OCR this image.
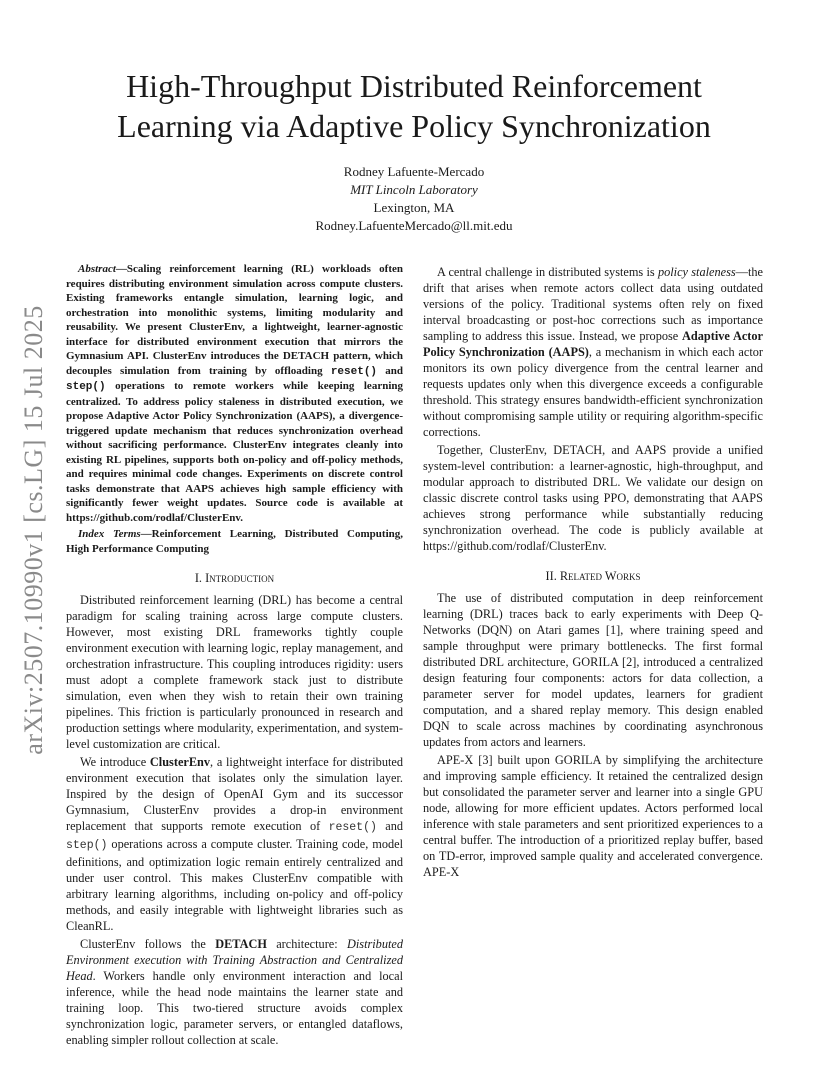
arXiv:2507.10990v1 [cs.LG] 15 Jul 2025
High-Throughput Distributed Reinforcement
Learning via Adaptive Policy Synchronization
Rodney Lafuente-Mercado
MIT Lincoln Laboratory
Lexington, MA
Rodney.LafuenteMercado@ll.mit.edu

Abstract—Scaling reinforcement learning (RL) workloads often requires distributing environment simulation across compute clusters. Existing frameworks entangle simulation, learning logic, and orchestration into monolithic systems, limiting modularity and reusability. We present ClusterEnv, a lightweight, learner-agnostic interface for distributed environment execution that mirrors the Gymnasium API. ClusterEnv introduces the DETACH pattern, which decouples simulation from training by offloading reset() and step() operations to remote workers while keeping learning centralized. To address policy staleness in distributed execution, we propose Adaptive Actor Policy Synchronization (AAPS), a divergence-triggered update mechanism that reduces synchronization overhead without sacrificing performance. ClusterEnv integrates cleanly into existing RL pipelines, supports both on-policy and off-policy methods, and requires minimal code changes. Experiments on discrete control tasks demonstrate that AAPS achieves high sample efficiency with significantly fewer weight updates. Source code is available at https://github.com/rodlaf/ClusterEnv.

Index Terms—Reinforcement Learning, Distributed Computing, High Performance Computing

I. Introduction

Distributed reinforcement learning (DRL) has become a central paradigm for scaling training across large compute clusters. However, most existing DRL frameworks tightly couple environment execution with learning logic, replay management, and orchestration infrastructure. This coupling introduces rigidity: users must adopt a complete framework stack just to distribute simulation, even when they wish to retain their own training pipelines. This friction is particularly pronounced in research and production settings where modularity, experimentation, and system-level customization are critical.

We introduce ClusterEnv, a lightweight interface for distributed environment execution that isolates only the simulation layer. Inspired by the design of OpenAI Gym and its successor Gymnasium, ClusterEnv provides a drop-in environment replacement that supports remote execution of reset() and step() operations across a compute cluster. Training code, model definitions, and optimization logic remain entirely centralized and under user control. This makes ClusterEnv compatible with arbitrary learning algorithms, including on-policy and off-policy methods, and easily integrable with lightweight libraries such as CleanRL.

ClusterEnv follows the DETACH architecture: Distributed Environment execution with Training Abstraction and Centralized Head. Workers handle only environment interaction and local inference, while the head node maintains the learner state and training loop. This two-tiered structure avoids complex synchronization logic, parameter servers, or entangled dataflows, enabling simpler rollout collection at scale.

A central challenge in distributed systems is policy staleness—the drift that arises when remote actors collect data using outdated versions of the policy. Traditional systems often rely on fixed interval broadcasting or post-hoc corrections such as importance sampling to address this issue. Instead, we propose Adaptive Actor Policy Synchronization (AAPS), a mechanism in which each actor monitors its own policy divergence from the central learner and requests updates only when this divergence exceeds a configurable threshold. This strategy ensures bandwidth-efficient synchronization without compromising sample utility or requiring algorithm-specific corrections.

Together, ClusterEnv, DETACH, and AAPS provide a unified system-level contribution: a learner-agnostic, high-throughput, and modular approach to distributed DRL. We validate our design on classic discrete control tasks using PPO, demonstrating that AAPS achieves strong performance while substantially reducing synchronization overhead. The code is publicly available at https://github.com/rodlaf/ClusterEnv.

II. Related Works

The use of distributed computation in deep reinforcement learning (DRL) traces back to early experiments with Deep Q-Networks (DQN) on Atari games [1], where training speed and sample throughput were primary bottlenecks. The first formal distributed DRL architecture, GORILA [2], introduced a centralized design featuring four components: actors for data collection, a parameter server for model updates, learners for gradient computation, and a shared replay memory. This design enabled DQN to scale across machines by coordinating asynchronous updates from actors and learners.

APE-X [3] built upon GORILA by simplifying the architecture and improving sample efficiency. It retained the centralized design but consolidated the parameter server and learner into a single GPU node, allowing for more efficient updates. Actors performed local inference with stale parameters and sent prioritized experiences to a central buffer. The introduction of a prioritized replay buffer, based on TD-error, improved sample quality and accelerated convergence. APE-X
